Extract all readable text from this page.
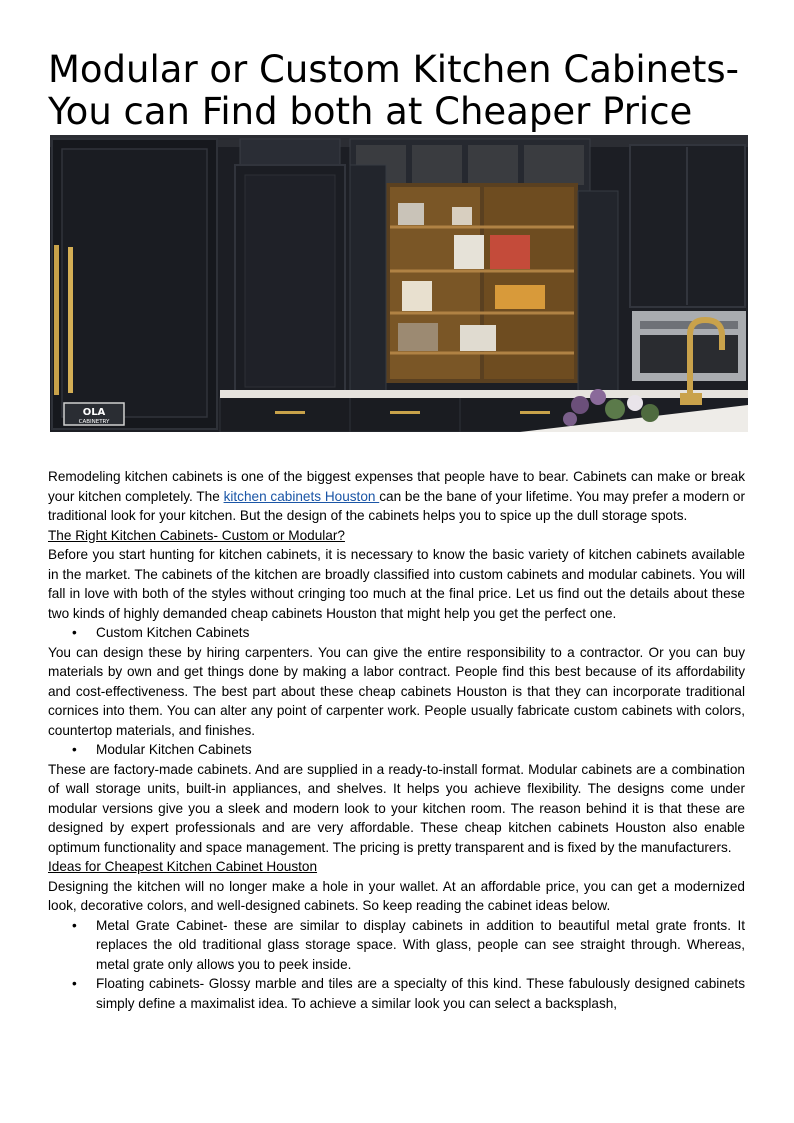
Modular or Custom Kitchen Cabinets-
You can Find both at Cheaper Price
OLA
CABINETRY

Remodeling kitchen cabinets is one of the biggest expenses that people have to bear. Cabinets can make or break your kitchen completely. The kitchen cabinets Houston can be the bane of your lifetime. You may prefer a modern or traditional look for your kitchen. But the design of the cabinets helps you to spice up the dull storage spots.

The Right Kitchen Cabinets- Custom or Modular?

Before you start hunting for kitchen cabinets, it is necessary to know the basic variety of kitchen cabinets available in the market. The cabinets of the kitchen are broadly classified into custom cabinets and modular cabinets. You will fall in love with both of the styles without cringing too much at the final price. Let us find out the details about these two kinds of highly demanded cheap cabinets Houston that might help you get the perfect one.

• Custom Kitchen Cabinets

You can design these by hiring carpenters. You can give the entire responsibility to a contractor. Or you can buy materials by own and get things done by making a labor contract. People find this best because of its affordability and cost-effectiveness. The best part about these cheap cabinets Houston is that they can incorporate traditional cornices into them. You can alter any point of carpenter work. People usually fabricate custom cabinets with colors, countertop materials, and finishes.

• Modular Kitchen Cabinets

These are factory-made cabinets. And are supplied in a ready-to-install format. Modular cabinets are a combination of wall storage units, built-in appliances, and shelves. It helps you achieve flexibility. The designs come under modular versions give you a sleek and modern look to your kitchen room. The reason behind it is that these are designed by expert professionals and are very affordable. These cheap kitchen cabinets Houston also enable optimum functionality and space management. The pricing is pretty transparent and is fixed by the manufacturers.

Ideas for Cheapest Kitchen Cabinet Houston

Designing the kitchen will no longer make a hole in your wallet. At an affordable price, you can get a modernized look, decorative colors, and well-designed cabinets. So keep reading the cabinet ideas below.

• Metal Grate Cabinet- these are similar to display cabinets in addition to beautiful metal grate fronts. It replaces the old traditional glass storage space. With glass, people can see straight through. Whereas, metal grate only allows you to peek inside.
• Floating cabinets- Glossy marble and tiles are a specialty of this kind. These fabulously designed cabinets simply define a maximalist idea. To achieve a similar look you can select a backsplash,
